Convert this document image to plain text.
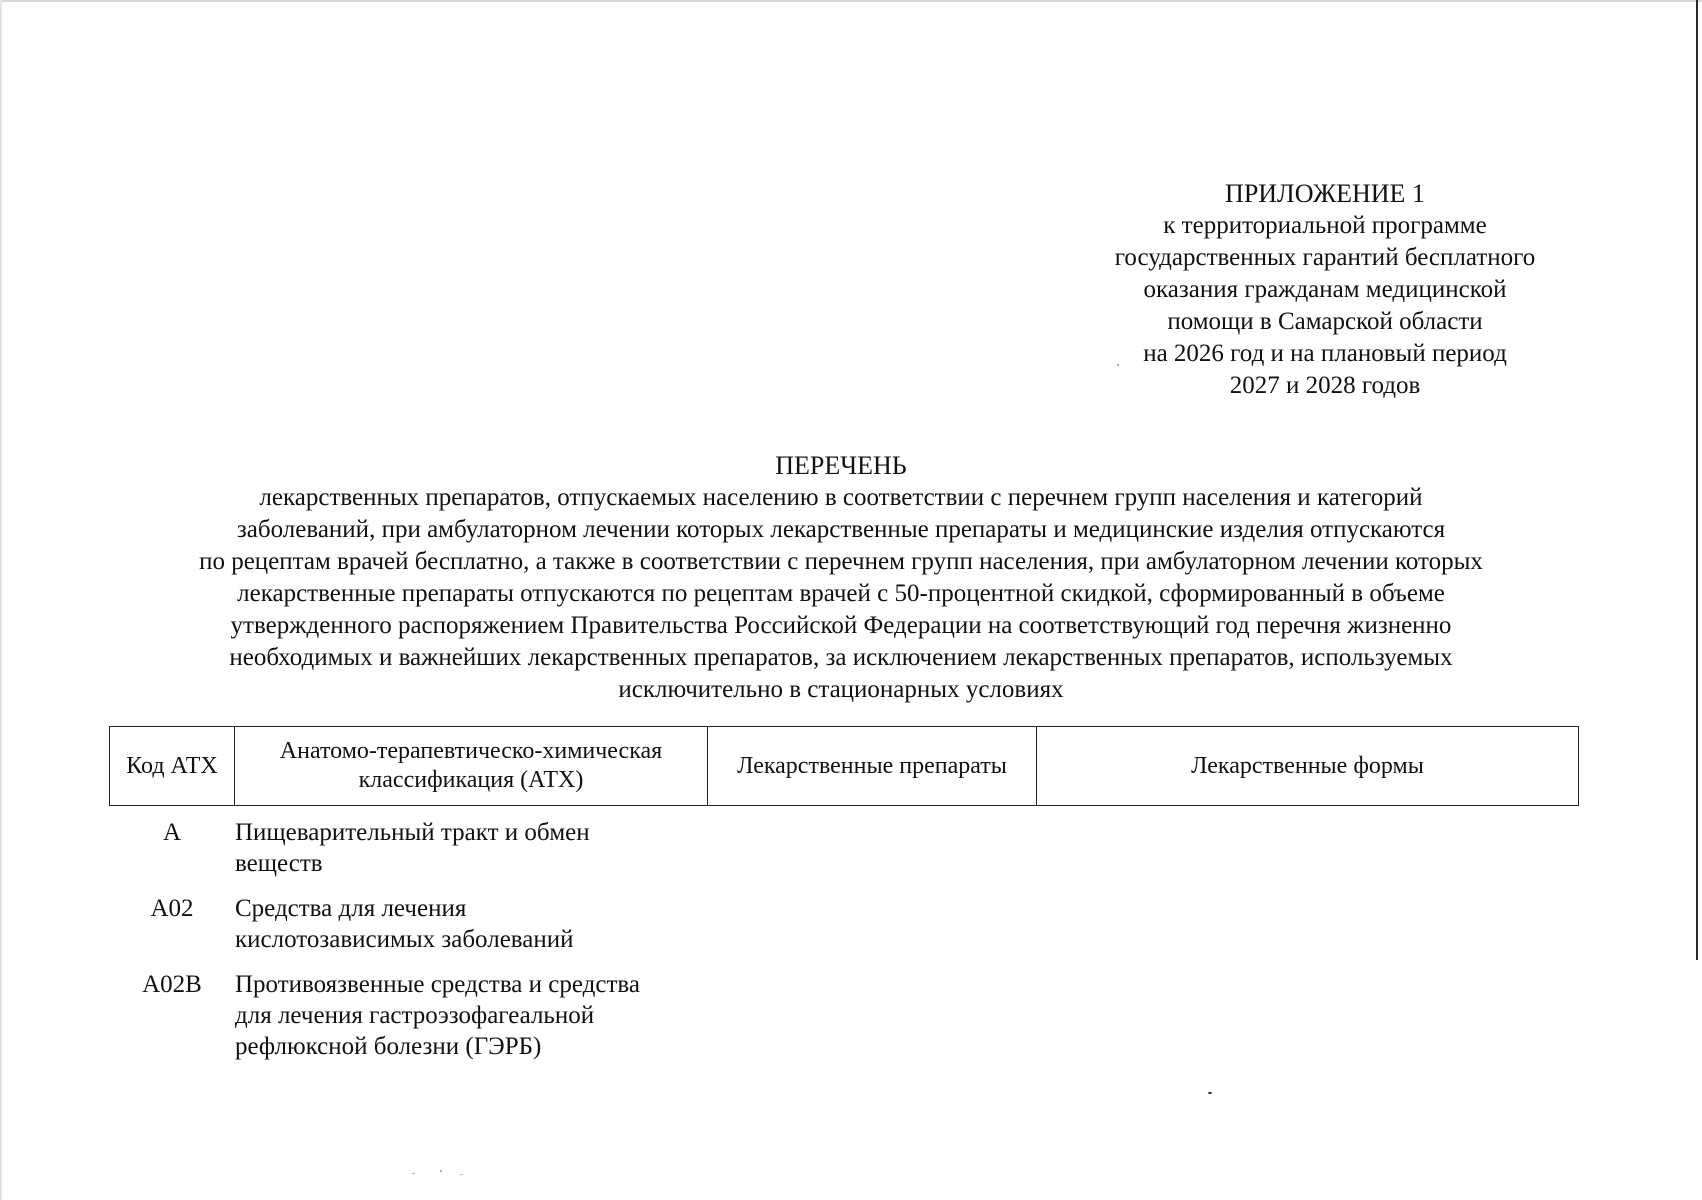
ПРИЛОЖЕНИЕ 1
к территориальной программе
государственных гарантий бесплатного
оказания гражданам медицинской
помощи в Самарской области
на 2026 год и на плановый период
2027 и 2028 годов
ПЕРЕЧЕНЬ
лекарственных препаратов, отпускаемых населению в соответствии с перечнем групп населения и категорий
заболеваний, при амбулаторном лечении которых лекарственные препараты и медицинские изделия отпускаются
по рецептам врачей бесплатно, а также в соответствии с перечнем групп населения, при амбулаторном лечении которых
лекарственные препараты отпускаются по рецептам врачей с 50-процентной скидкой, сформированный в объеме
утвержденного распоряжением Правительства Российской Федерации на соответствующий год перечня жизненно
необходимых и важнейших лекарственных препаратов, за исключением лекарственных препаратов, используемых
исключительно в стационарных условиях
Код АТХ	Анатомо-терапевтическо-химическая классификация (АТХ)	Лекарственные препараты	Лекарственные формы
А	Пищеварительный тракт и обмен
веществ
А02	Средства для лечения
кислотозависимых заболеваний
А02В	Противоязвенные средства и средства
для лечения гастроэзофагеальной
рефлюксной болезни (ГЭРБ)
